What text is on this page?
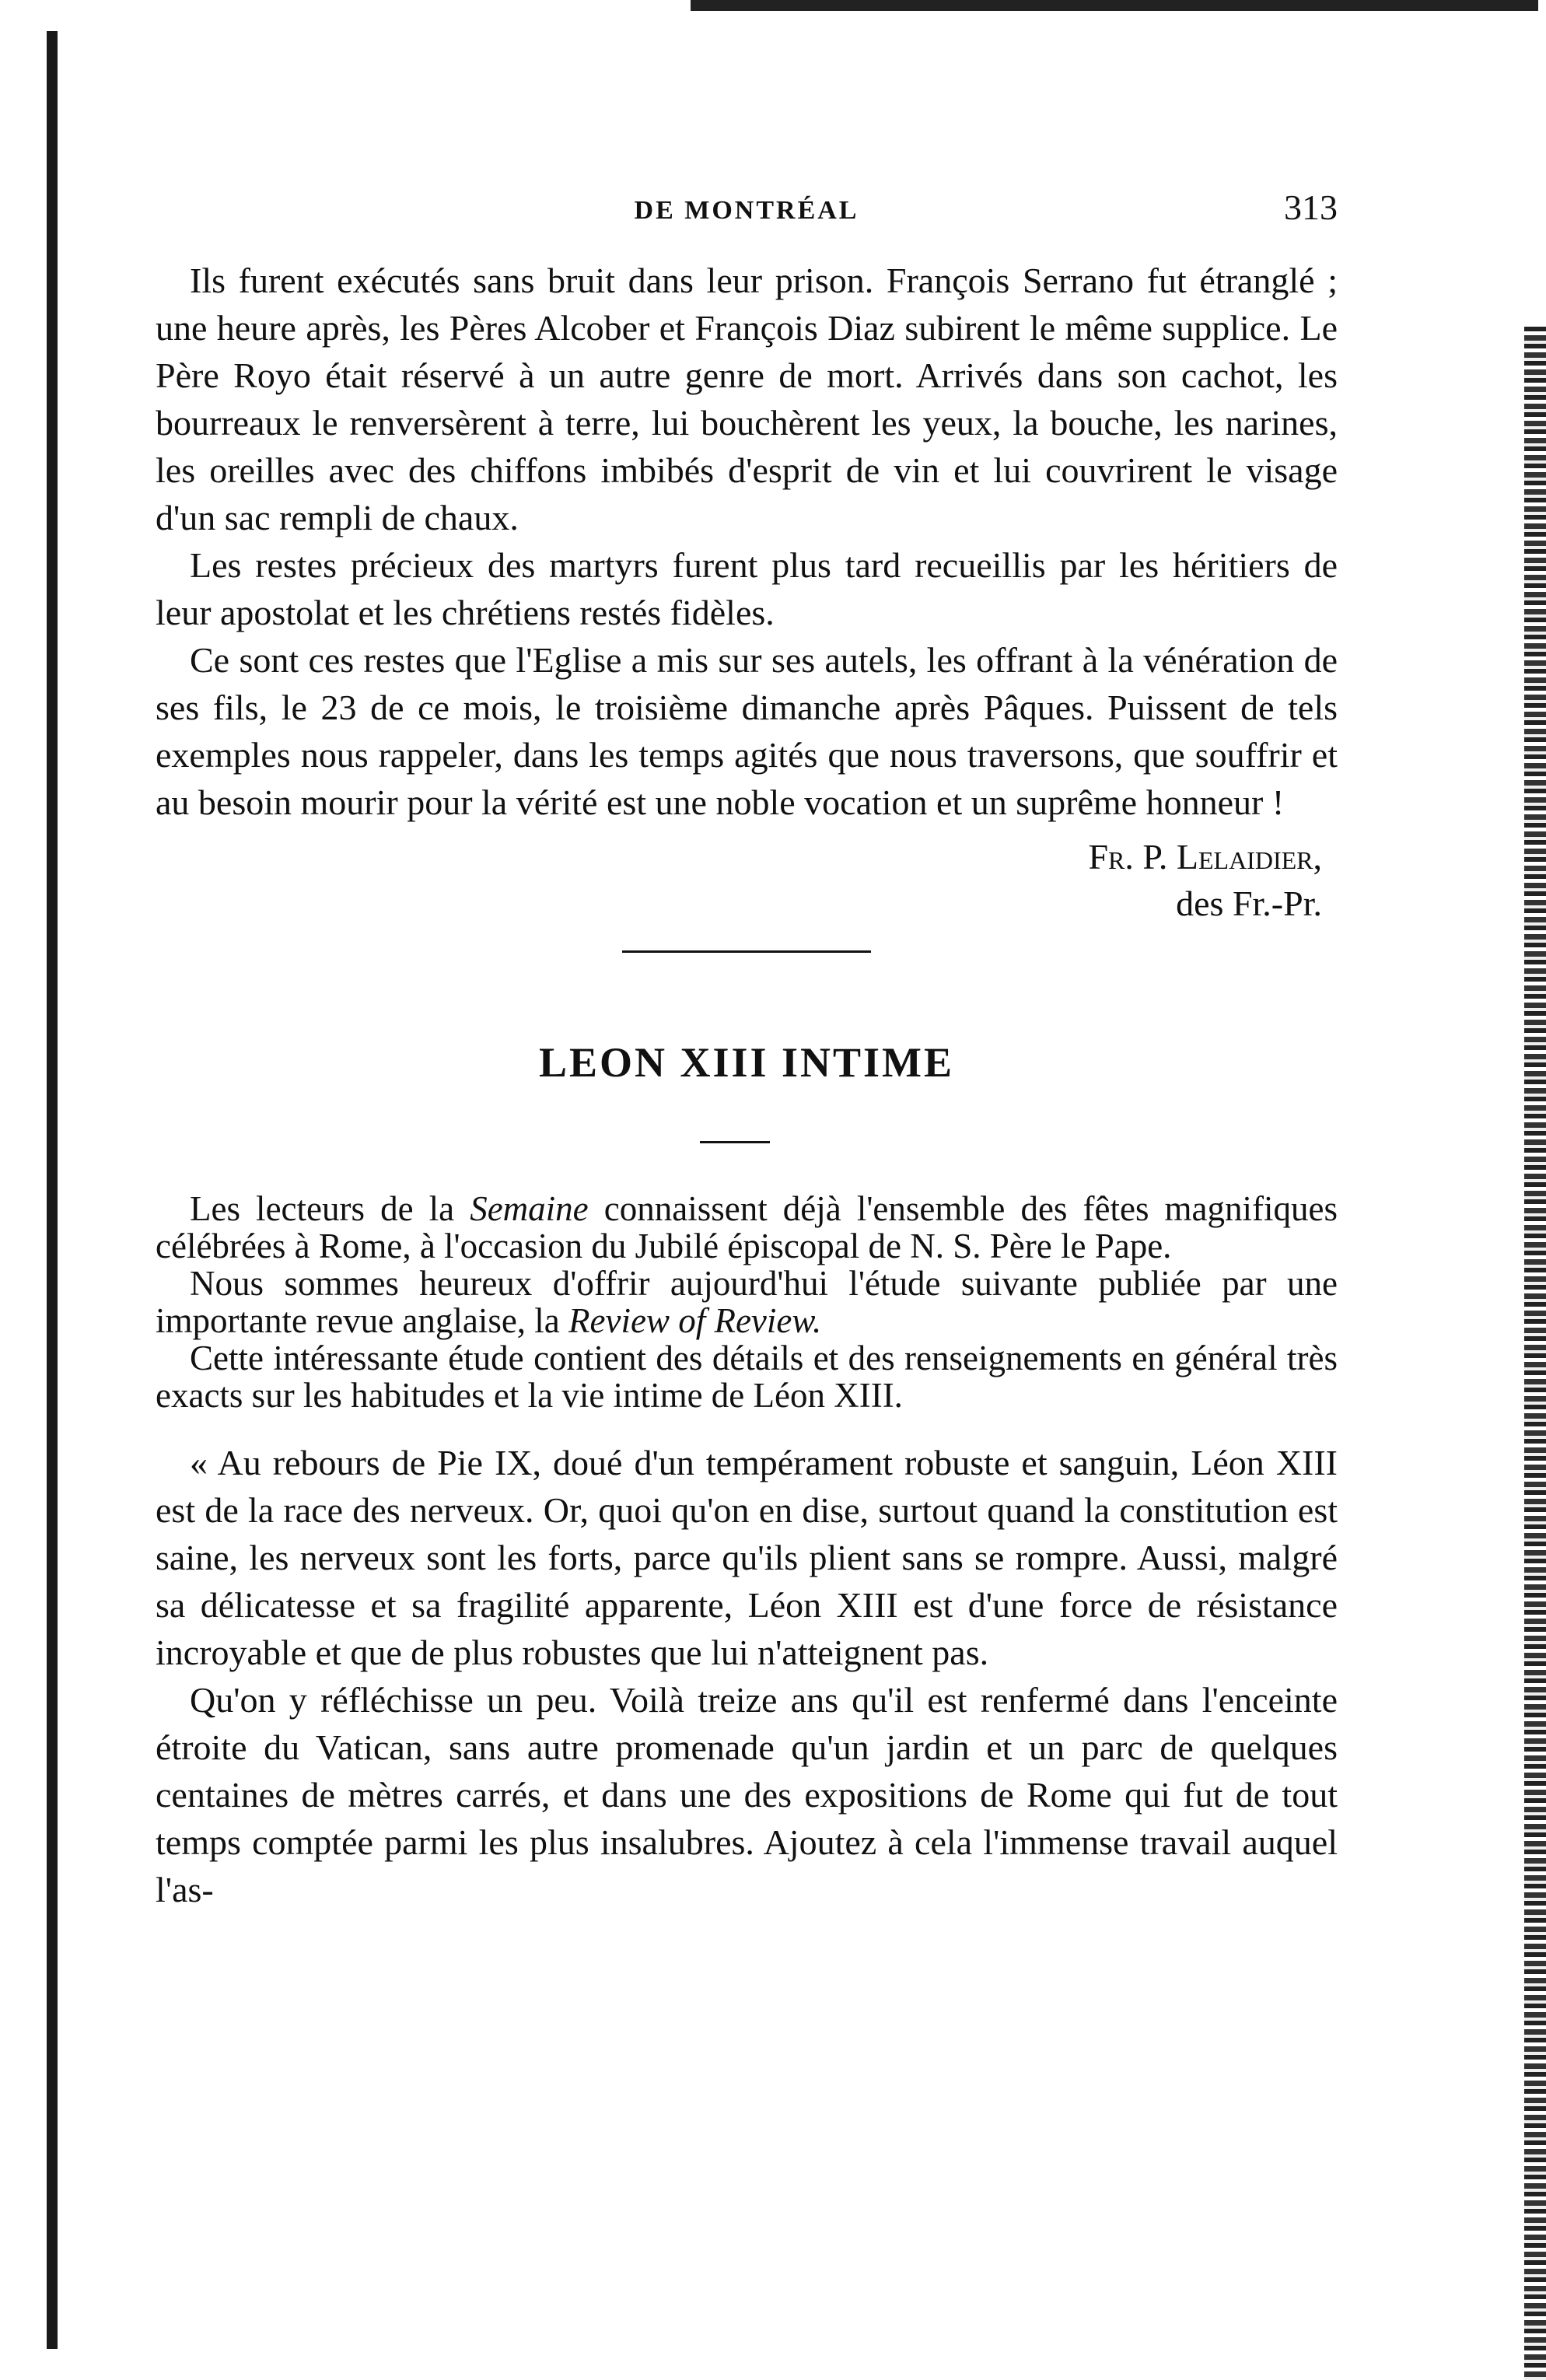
DE MONTRÉAL	313

Ils furent exécutés sans bruit dans leur prison. François Serrano fut étranglé ; une heure après, les Pères Alcober et François Diaz subirent le même supplice. Le Père Royo était réservé à un autre genre de mort. Arrivés dans son cachot, les bourreaux le renversèrent à terre, lui bouchèrent les yeux, la bouche, les narines, les oreilles avec des chiffons imbibés d'esprit de vin et lui couvrirent le visage d'un sac rempli de chaux.

Les restes précieux des martyrs furent plus tard recueillis par les héritiers de leur apostolat et les chrétiens restés fidèles.

Ce sont ces restes que l'Eglise a mis sur ses autels, les offrant à la vénération de ses fils, le 23 de ce mois, le troisième dimanche après Pâques. Puissent de tels exemples nous rappeler, dans les temps agités que nous traversons, que souffrir et au besoin mourir pour la vérité est une noble vocation et un suprême honneur !

Fr. P. Lelaidier,
des Fr.-Pr.
LEON XIII INTIME

Les lecteurs de la Semaine connaissent déjà l'ensemble des fêtes magnifiques célébrées à Rome, à l'occasion du Jubilé épiscopal de N. S. Père le Pape.

Nous sommes heureux d'offrir aujourd'hui l'étude suivante publiée par une importante revue anglaise, la Review of Review.

Cette intéressante étude contient des détails et des renseignements en général très exacts sur les habitudes et la vie intime de Léon XIII.

« Au rebours de Pie IX, doué d'un tempérament robuste et sanguin, Léon XIII est de la race des nerveux. Or, quoi qu'on en dise, surtout quand la constitution est saine, les nerveux sont les forts, parce qu'ils plient sans se rompre. Aussi, malgré sa délicatesse et sa fragilité apparente, Léon XIII est d'une force de résistance incroyable et que de plus robustes que lui n'atteignent pas.

Qu'on y réfléchisse un peu. Voilà treize ans qu'il est renfermé dans l'enceinte étroite du Vatican, sans autre promenade qu'un jardin et un parc de quelques centaines de mètres carrés, et dans une des expositions de Rome qui fut de tout temps comptée parmi les plus insalubres. Ajoutez à cela l'immense travail auquel l'as-
